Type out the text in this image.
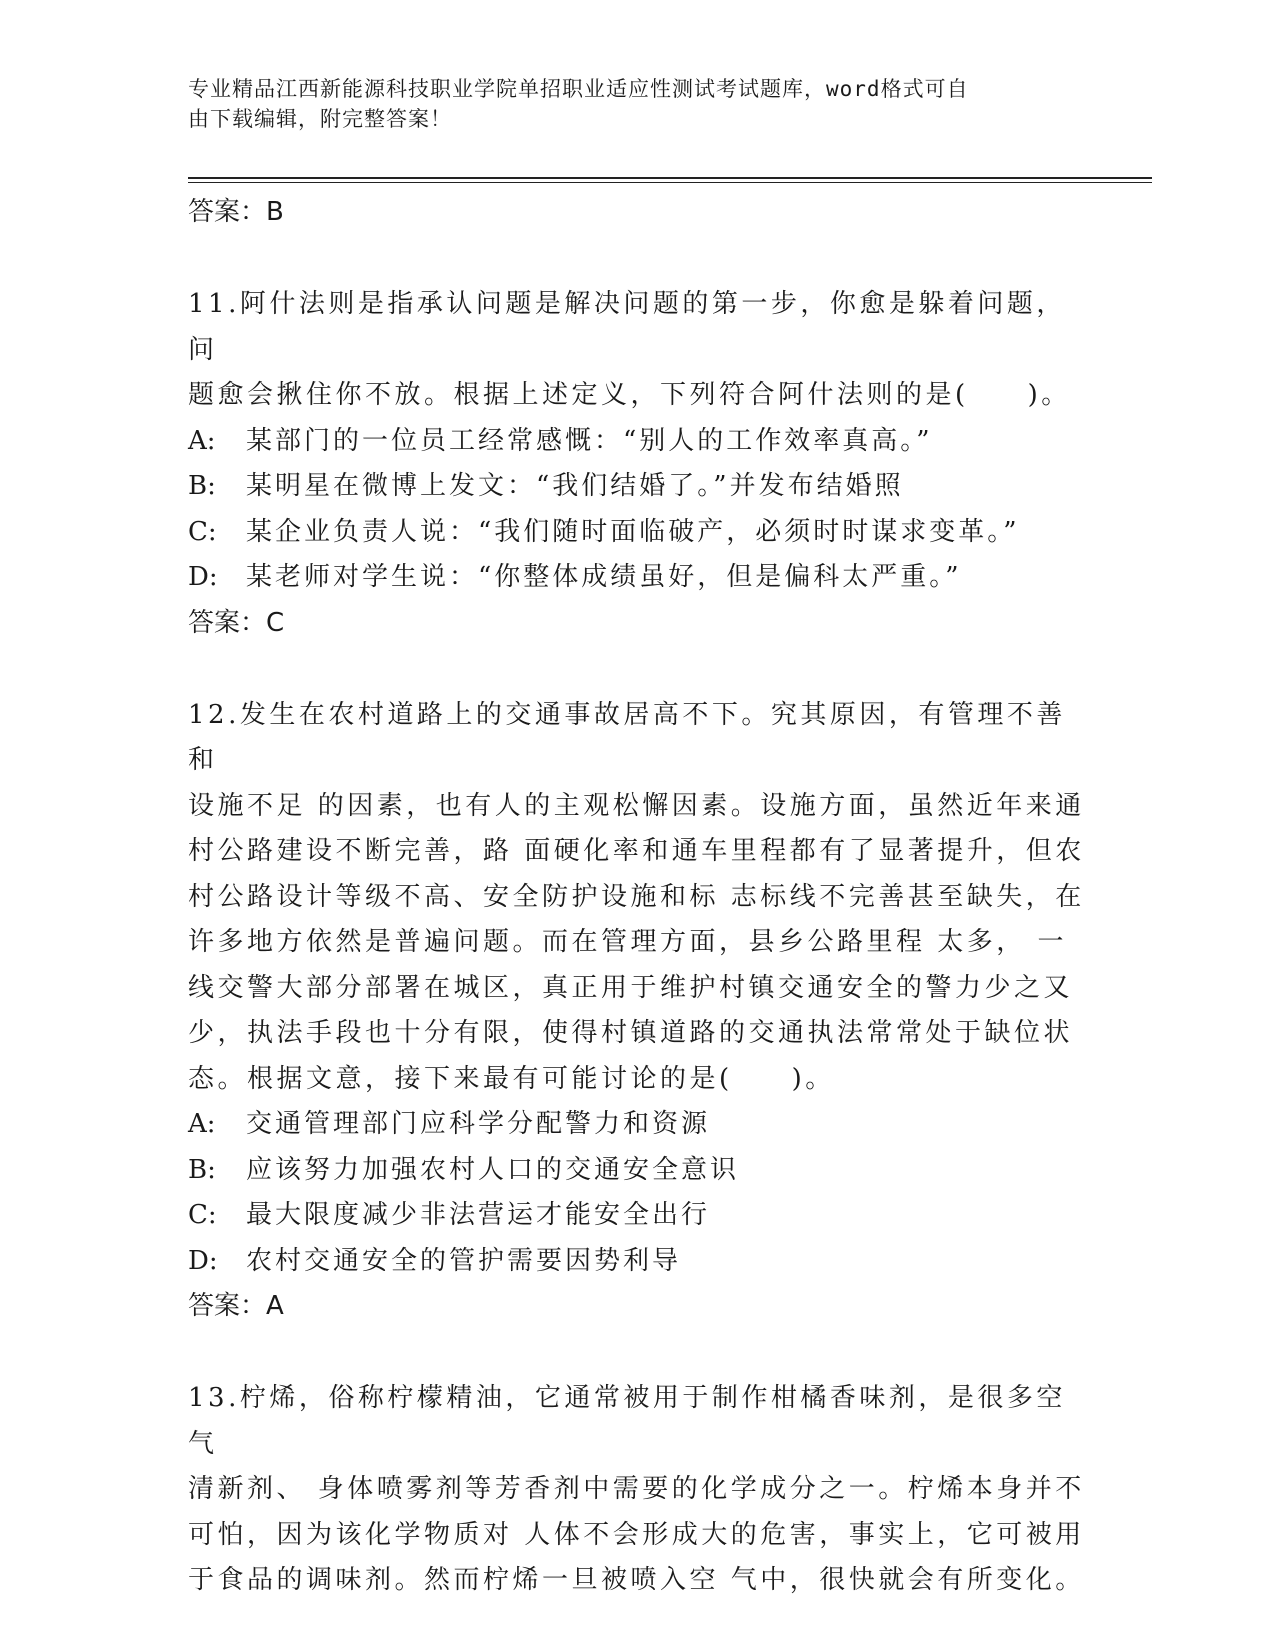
专业精品江西新能源科技职业学院单招职业适应性测试考试题库，word格式可自
由下载编辑，附完整答案！
答案：B
11.阿什法则是指承认问题是解决问题的第一步，你愈是躲着问题，问
题愈会揪住你不放。根据上述定义，下列符合阿什法则的是(　　)。
A: 某部门的一位员工经常感慨：“别人的工作效率真高。”
B: 某明星在微博上发文：“我们结婚了。”并发布结婚照
C: 某企业负责人说：“我们随时面临破产，必须时时谋求变革。”
D: 某老师对学生说：“你整体成绩虽好，但是偏科太严重。”
答案：C
12.发生在农村道路上的交通事故居高不下。究其原因，有管理不善和
设施不足 的因素，也有人的主观松懈因素。设施方面，虽然近年来通
村公路建设不断完善，路 面硬化率和通车里程都有了显著提升，但农
村公路设计等级不高、安全防护设施和标 志标线不完善甚至缺失，在
许多地方依然是普遍问题。而在管理方面，县乡公路里程 太多， 一
线交警大部分部署在城区，真正用于维护村镇交通安全的警力少之又
少，执法手段也十分有限，使得村镇道路的交通执法常常处于缺位状
态。根据文意，接下来最有可能讨论的是(　　)。
A: 交通管理部门应科学分配警力和资源
B: 应该努力加强农村人口的交通安全意识
C: 最大限度减少非法营运才能安全出行
D: 农村交通安全的管护需要因势利导
答案：A
13.柠烯，俗称柠檬精油，它通常被用于制作柑橘香味剂，是很多空气
清新剂、 身体喷雾剂等芳香剂中需要的化学成分之一。柠烯本身并不
可怕，因为该化学物质对 人体不会形成大的危害，事实上，它可被用
于食品的调味剂。然而柠烯一旦被喷入空 气中，很快就会有所变化。
